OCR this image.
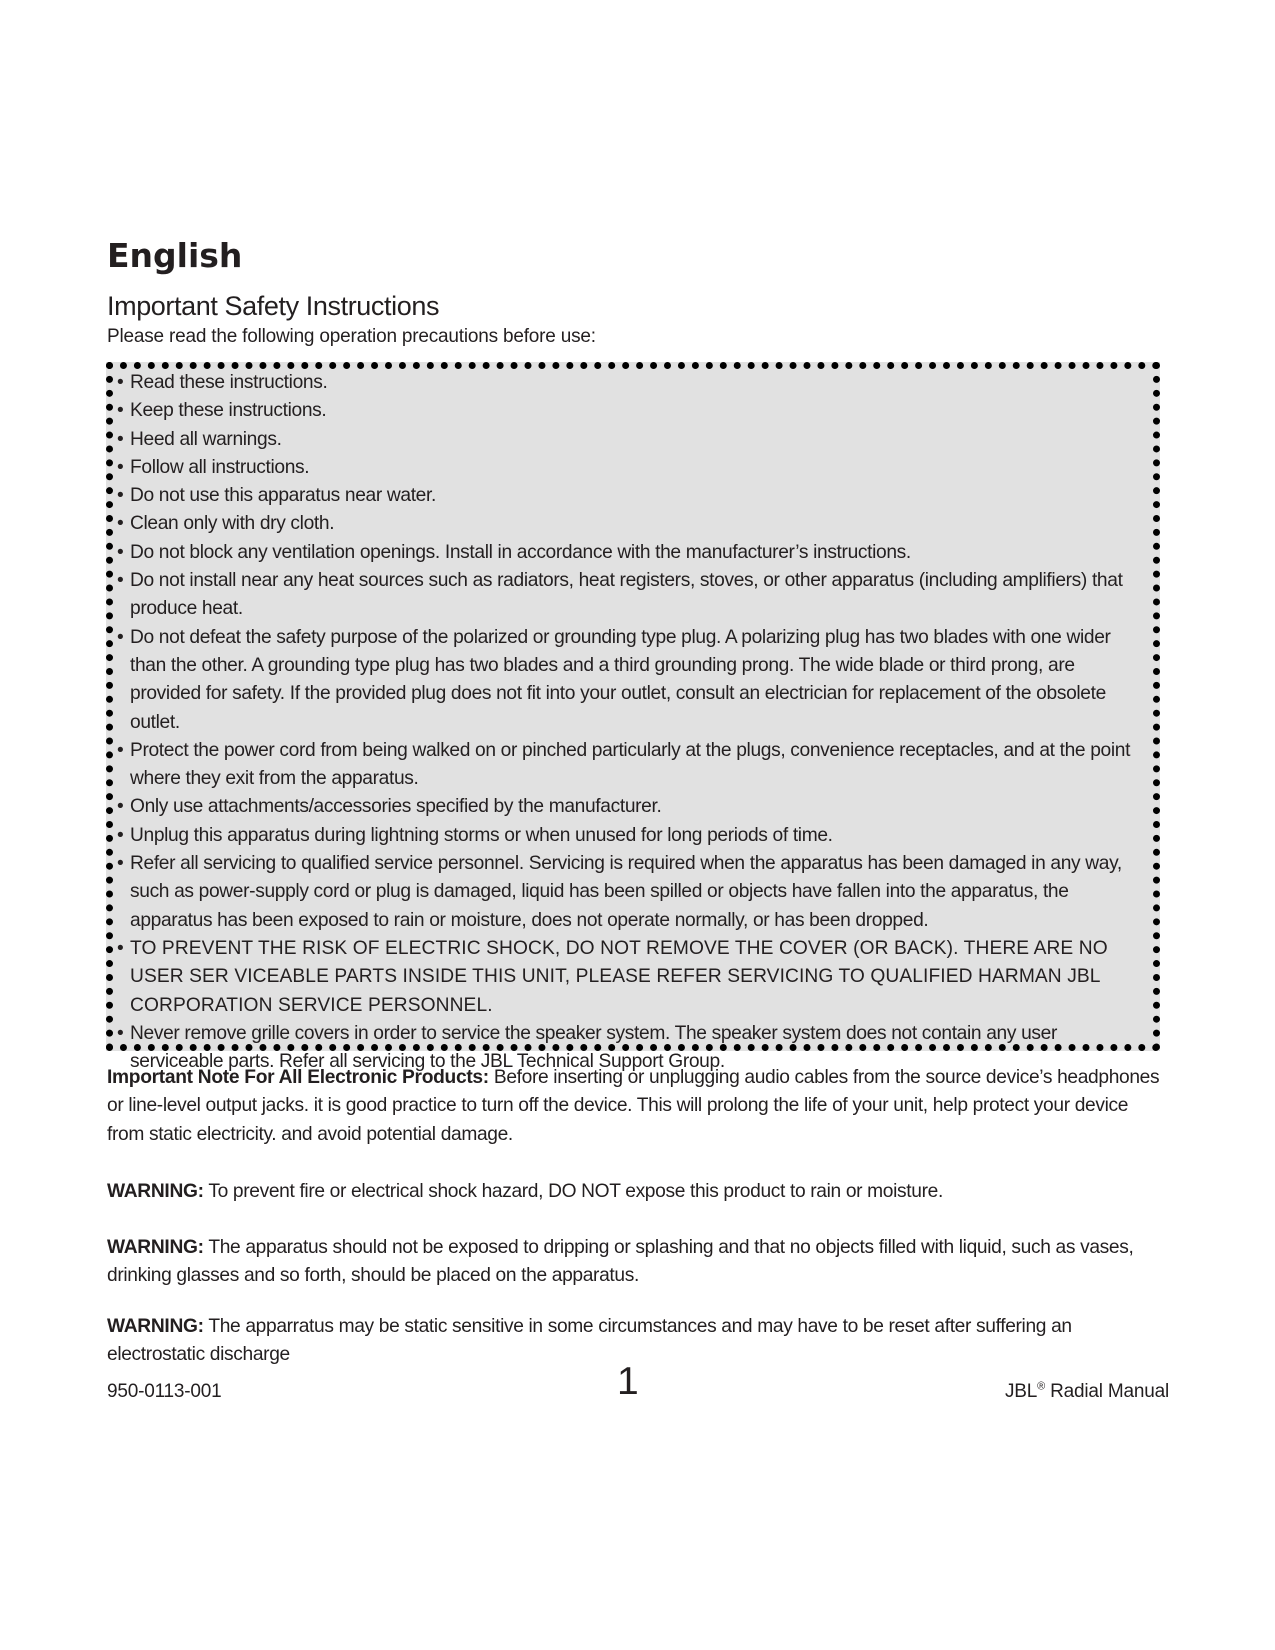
English
Important Safety Instructions

Please read the following operation precautions before use:

• Read these instructions.
• Keep these instructions.
• Heed all warnings.
• Follow all instructions.
• Do not use this apparatus near water.
• Clean only with dry cloth.
• Do not block any ventilation openings. Install in accordance with the manufacturer’s instructions.
• Do not install near any heat sources such as radiators, heat registers, stoves, or other apparatus (including amplifiers) that produce heat.
• Do not defeat the safety purpose of the polarized or grounding type plug. A polarizing plug has two blades with one wider than the other. A grounding type plug has two blades and a third grounding prong. The wide blade or third prong, are provided for safety. If the provided plug does not fit into your outlet, consult an electrician for replacement of the obsolete outlet.
• Protect the power cord from being walked on or pinched particularly at the plugs, convenience receptacles, and at the point where they exit from the apparatus.
• Only use attachments/accessories specified by the manufacturer.
• Unplug this apparatus during lightning storms or when unused for long periods of time.
• Refer all servicing to qualified service personnel. Servicing is required when the apparatus has been damaged in any way, such as power-supply cord or plug is damaged, liquid has been spilled or objects have fallen into the apparatus, the apparatus has been exposed to rain or moisture, does not operate normally, or has been dropped.
• TO PREVENT THE RISK OF ELECTRIC SHOCK, DO NOT REMOVE THE COVER (OR BACK). THERE ARE NO USER SER VICEABLE PARTS INSIDE THIS UNIT, PLEASE REFER SERVICING TO QUALIFIED HARMAN JBL CORPORATION SERVICE PERSONNEL.
• Never remove grille covers in order to service the speaker system. The speaker system does not contain any user serviceable parts. Refer all servicing to the JBL Technical Support Group.

Important Note For All Electronic Products: Before inserting or unplugging audio cables from the source device’s headphones or line-level output jacks. it is good practice to turn off the device. This will prolong the life of your unit, help protect your device from static electricity. and avoid potential damage.

WARNING: To prevent fire or electrical shock hazard, DO NOT expose this product to rain or moisture.

WARNING: The apparatus should not be exposed to dripping or splashing and that no objects filled with liquid, such as vases, drinking glasses and so forth, should be placed on the apparatus.

WARNING: The apparratus may be static sensitive in some circumstances and may have to be reset after suffering an electrostatic discharge

950-0113-001	1	JBL® Radial Manual
